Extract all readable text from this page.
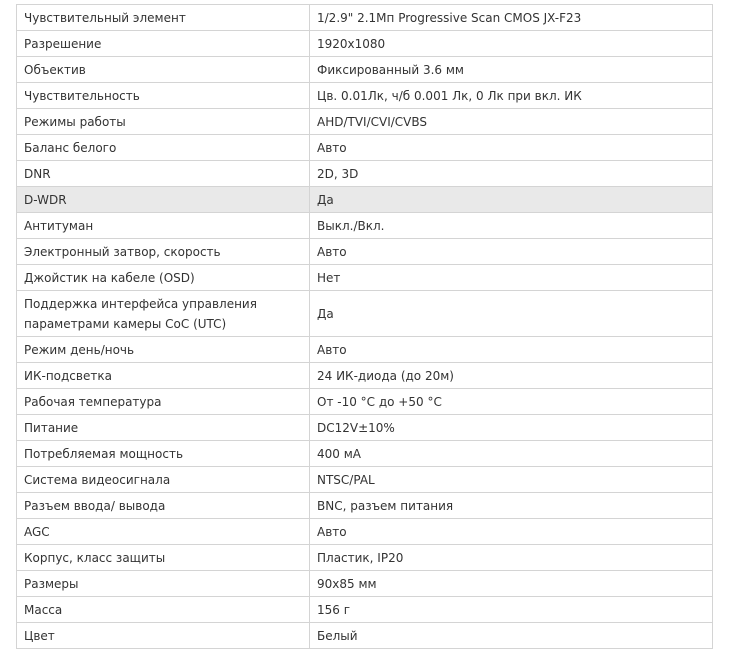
Чувствительный элемент	1/2.9" 2.1Мп Progressive Scan CMOS JX-F23
Разрешение	1920x1080
Объектив	Фиксированный 3.6 мм
Чувствительность	Цв. 0.01Лк, ч/б 0.001 Лк, 0 Лк при вкл. ИК
Режимы работы	AHD/TVI/CVI/CVBS
Баланс белого	Авто
DNR	2D, 3D
D-WDR	Да
Антитуман	Выкл./Вкл.
Электронный затвор, скорость	Авто
Джойстик на кабеле (OSD)	Нет
Поддержка интерфейса управления параметрами камеры CoC (UTC)	Да
Режим день/ночь	Авто
ИК-подсветка	24 ИК-диода (до 20м)
Рабочая температура	От -10 °С до +50 °С
Питание	DC12V±10%
Потребляемая мощность	400 мА
Система видеосигнала	NTSC/PAL
Разъем ввода/ вывода	BNC, разъем питания
AGC	Авто
Корпус, класс защиты	Пластик, IP20
Размеры	90x85 мм
Масса	156 г
Цвет	Белый
